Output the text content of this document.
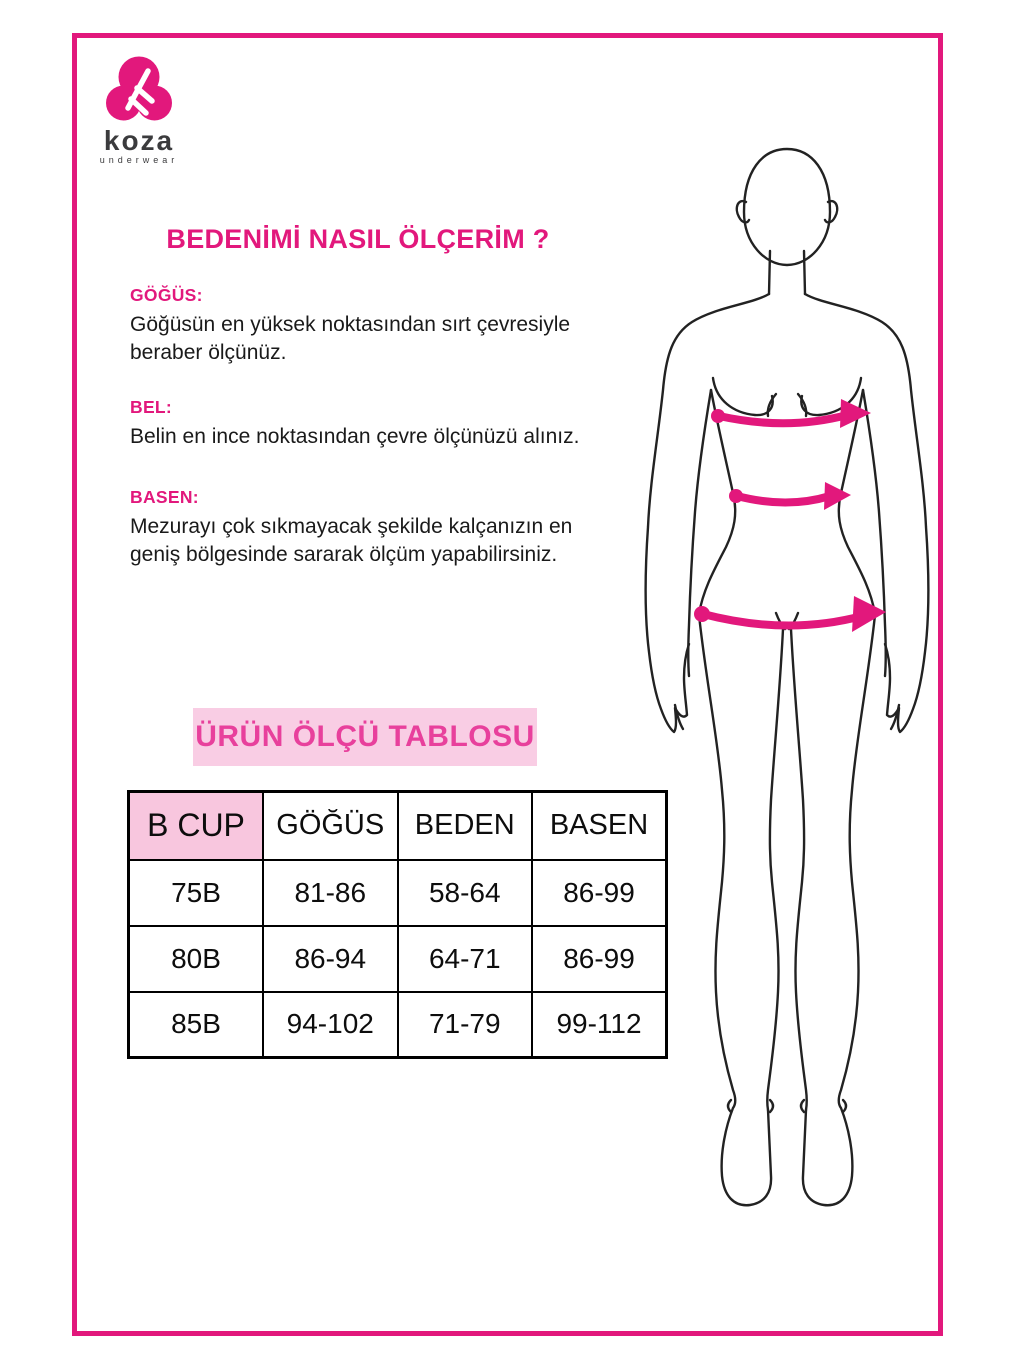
koza
underwear
BEDENİMİ NASIL ÖLÇERİM ?
GÖĞÜS:

Göğüsün en yüksek noktasından sırt çevresiyle beraber ölçünüz.

BEL:

Belin en ince noktasından çevre ölçünüzü alınız.

BASEN:

Mezurayı çok sıkmayacak şekilde kalçanızın en geniş bölgesinde sararak ölçüm yapabilirsiniz.

ÜRÜN ÖLÇÜ TABLOSU
B CUP	GÖĞÜS	BEDEN	BASEN
75B	81-86	58-64	86-99
80B	86-94	64-71	86-99
85B	94-102	71-79	99-112
